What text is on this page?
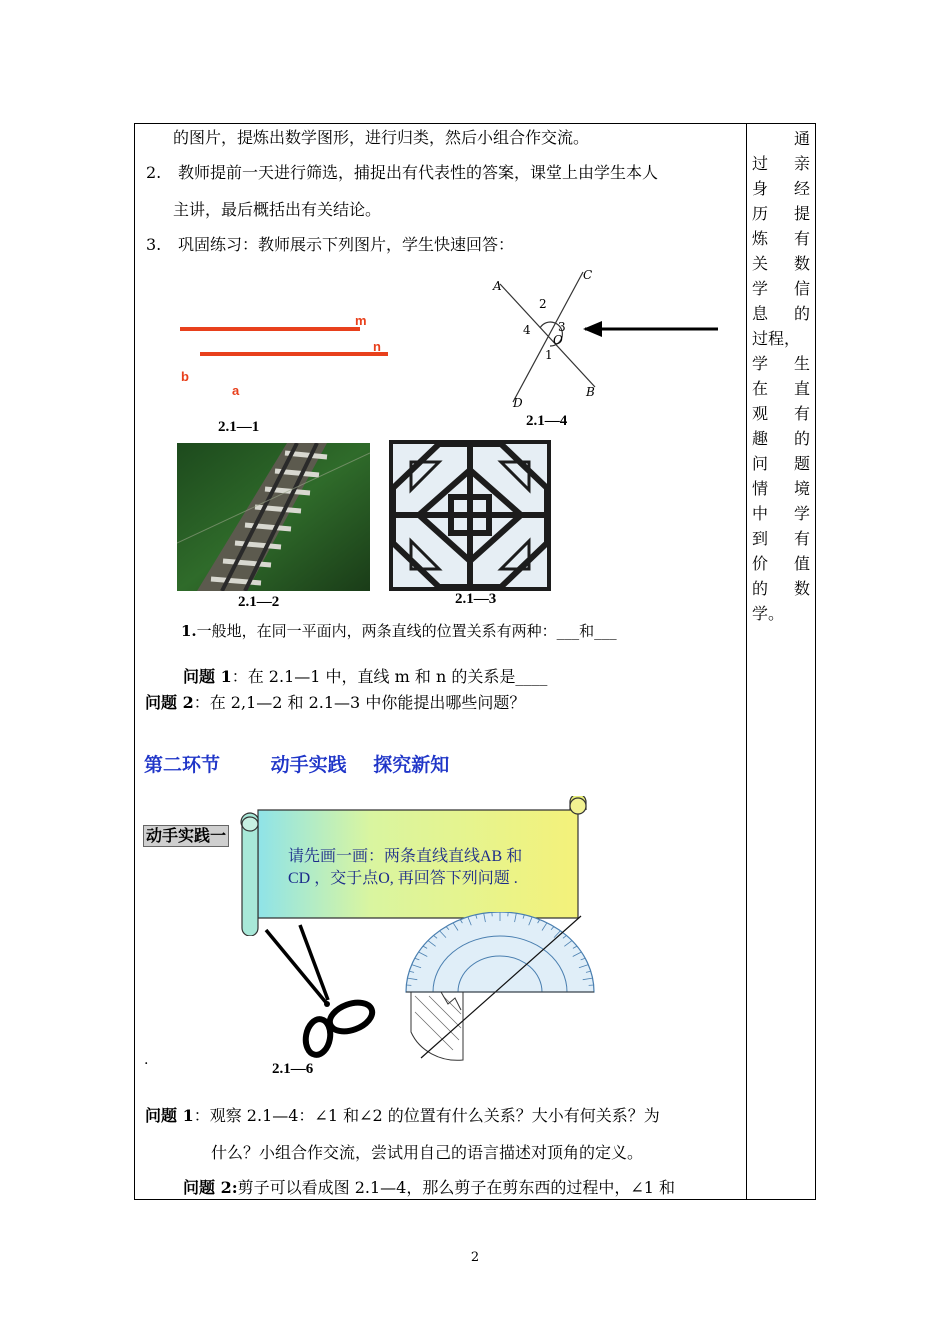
的图片，提炼出数学图形，进行归类，然后小组合作交流。
2. 教师提前一天进行筛选，捕捉出有代表性的答案，课堂上由学生本人
主讲，最后概括出有关结论。
3. 巩固练习：教师展示下列图片，学生快速回答：
通
过 亲
身 经
历 提
炼 有
关 数
学 信
息 的
过程，
学 生
在 直
观 有
趣 的
问 题
情 境
中 学
到 有
价 值
的 数
学。
m
n
b
a
2.1—1
A
C
B
D
O
2
4 3
1
2.1—4
2.1—2	2.1—3
1.一般地，在同一平面内，两条直线的位置关系有两种：___和___
问题 1：在 2.1—1 中，直线 m 和 n 的关系是____
问题 2：在 2,1—2 和 2.1—3 中你能提出哪些问题？
第二环节	动手实践 探究新知
动手实践一
请先画一画：两条直线直线AB 和
CD ，交于点O, 再回答下列问题 .
2.1—6
.
问题 1：观察 2.1—4：∠1 和∠2 的位置有什么关系？大小有何关系？为
什么？小组合作交流，尝试用自己的语言描述对顶角的定义。
问题 2:剪子可以看成图 2.1—4，那么剪子在剪东西的过程中，∠1 和
2
